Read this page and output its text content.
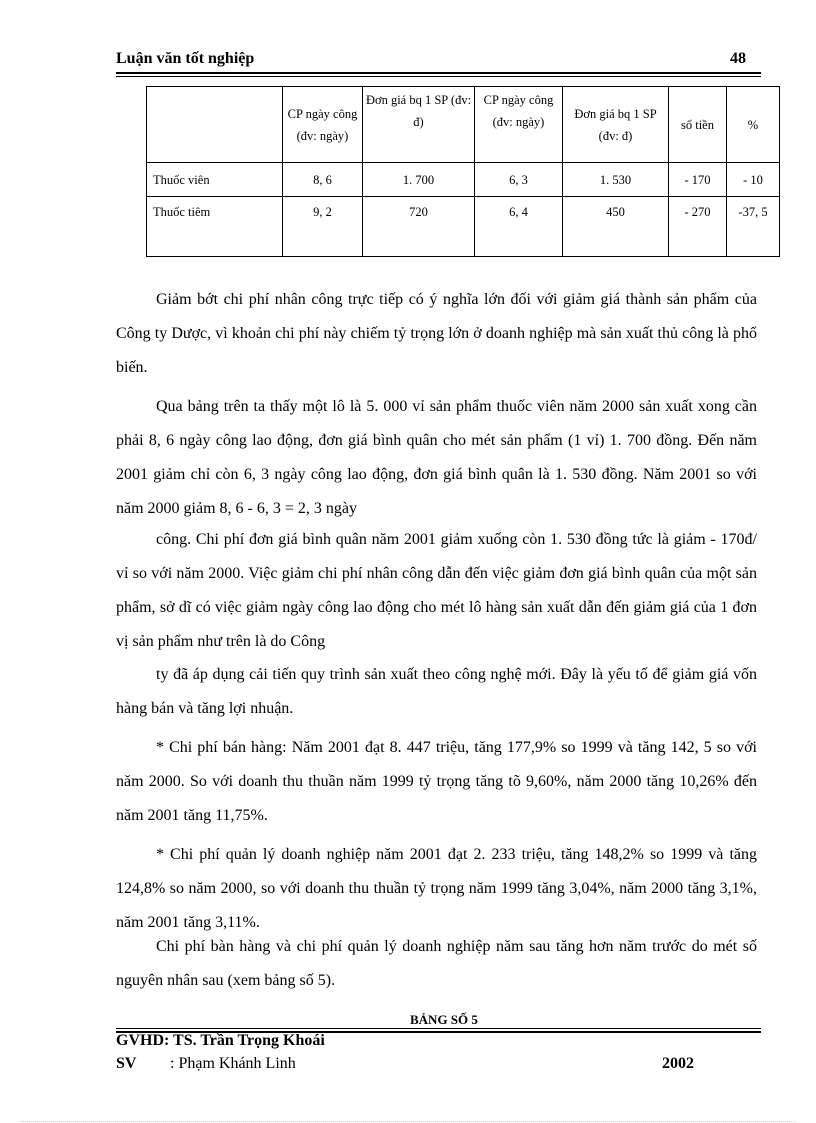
Luận văn tốt nghiệp	48
	CP ngày công (đv: ngày)	Đơn giá bq 1 SP (đv: đ)	CP ngày công (đv: ngày)	Đơn giá bq 1 SP (đv: đ)	số tiền	%
Thuốc viên	8, 6	1. 700	6, 3	1. 530	- 170	- 10
Thuốc tiêm	9, 2	720	6, 4	450	- 270	-37, 5

Giảm bớt chi phí nhân công trực tiếp có ý nghĩa lớn đối với giảm giá thành sản phẩm của Công ty Dược, vì khoản chi phí này chiếm tỷ trọng lớn ở doanh nghiệp mà sản xuất thủ công là phổ biến.

Qua bảng trên ta thấy một lô là 5. 000 vỉ sản phẩm thuốc viên năm 2000 sản xuất xong cần phải 8, 6 ngày công lao động, đơn giá bình quân cho mét sản phẩm (1 vỉ) 1. 700 đồng. Đến năm 2001 giảm chỉ còn 6, 3 ngày công lao động, đơn giá bình quân là 1. 530 đồng. Năm 2001 so với năm 2000 giảm 8, 6 - 6, 3 = 2, 3 ngày

công. Chi phí đơn giá bình quân năm 2001 giảm xuống còn 1. 530 đồng tức là giảm - 170đ/ vỉ so với năm 2000. Việc giảm chi phí nhân công dẫn đến việc giảm đơn giá bình quân của một sản phẩm, sở dĩ có việc giảm ngày công lao động cho mét lô hàng sản xuất dẫn đến giảm giá của 1 đơn vị sản phẩm như trên là do Công

ty đã áp dụng cải tiến quy trình sản xuất theo công nghệ mới. Đây là yếu tố để giảm giá vốn hàng bán và tăng lợi nhuận.

* Chi phí bán hàng: Năm 2001 đạt 8. 447 triệu, tăng 177,9% so 1999 và tăng 142, 5 so với năm 2000. So với doanh thu thuần năm 1999 tỷ trọng tăng tõ 9,60%, năm 2000 tăng 10,26% đến năm 2001 tăng 11,75%.

* Chi phí quản lý doanh nghiệp năm 2001 đạt 2. 233 triệu, tăng 148,2% so 1999 và tăng 124,8% so năm 2000, so với doanh thu thuần tỷ trọng năm 1999 tăng 3,04%, năm 2000 tăng 3,1%, năm 2001 tăng 3,11%.

Chi phí bàn hàng và chi phí quản lý doanh nghiệp năm sau tăng hơn năm trước do mét số nguyên nhân sau (xem bảng số 5).

BẢNG SỐ 5
GVHD: TS. Trần Trọng Khoái
SV : Phạm Khánh Linh	2002
